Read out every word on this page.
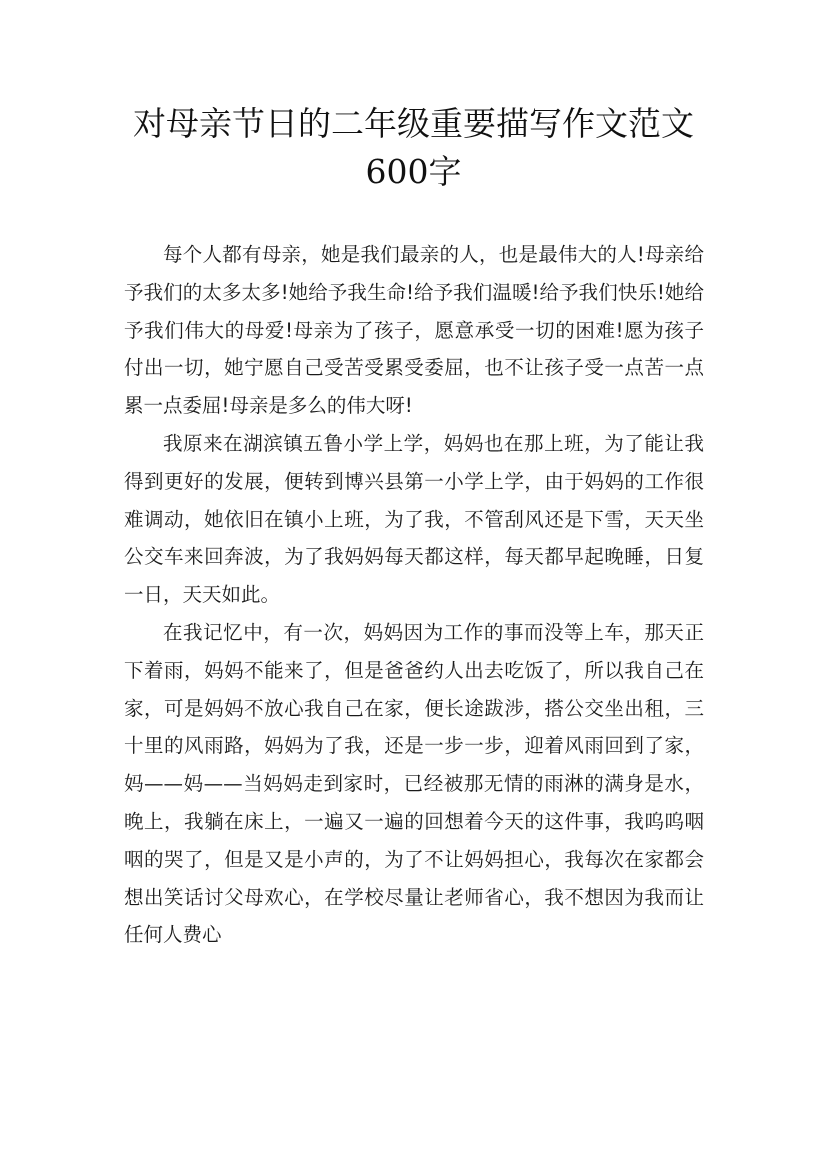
对母亲节日的二年级重要描写作文范文600字

每个人都有母亲，她是我们最亲的人，也是最伟大的人!母亲给予我们的太多太多!她给予我生命!给予我们温暖!给予我们快乐!她给予我们伟大的母爱!母亲为了孩子，愿意承受一切的困难!愿为孩子付出一切，她宁愿自己受苦受累受委屈，也不让孩子受一点苦一点累一点委屈!母亲是多么的伟大呀!

我原来在湖滨镇五鲁小学上学，妈妈也在那上班，为了能让我得到更好的发展，便转到博兴县第一小学上学，由于妈妈的工作很难调动，她依旧在镇小上班，为了我，不管刮风还是下雪，天天坐公交车来回奔波，为了我妈妈每天都这样，每天都早起晚睡，日复一日，天天如此。

在我记忆中，有一次，妈妈因为工作的事而没等上车，那天正下着雨，妈妈不能来了，但是爸爸约人出去吃饭了，所以我自己在家，可是妈妈不放心我自己在家，便长途跋涉，搭公交坐出租，三十里的风雨路，妈妈为了我，还是一步一步，迎着风雨回到了家，妈——妈——当妈妈走到家时，已经被那无情的雨淋的满身是水，晚上，我躺在床上，一遍又一遍的回想着今天的这件事，我呜呜咽咽的哭了，但是又是小声的，为了不让妈妈担心，我每次在家都会想出笑话讨父母欢心，在学校尽量让老师省心，我不想因为我而让任何人费心
